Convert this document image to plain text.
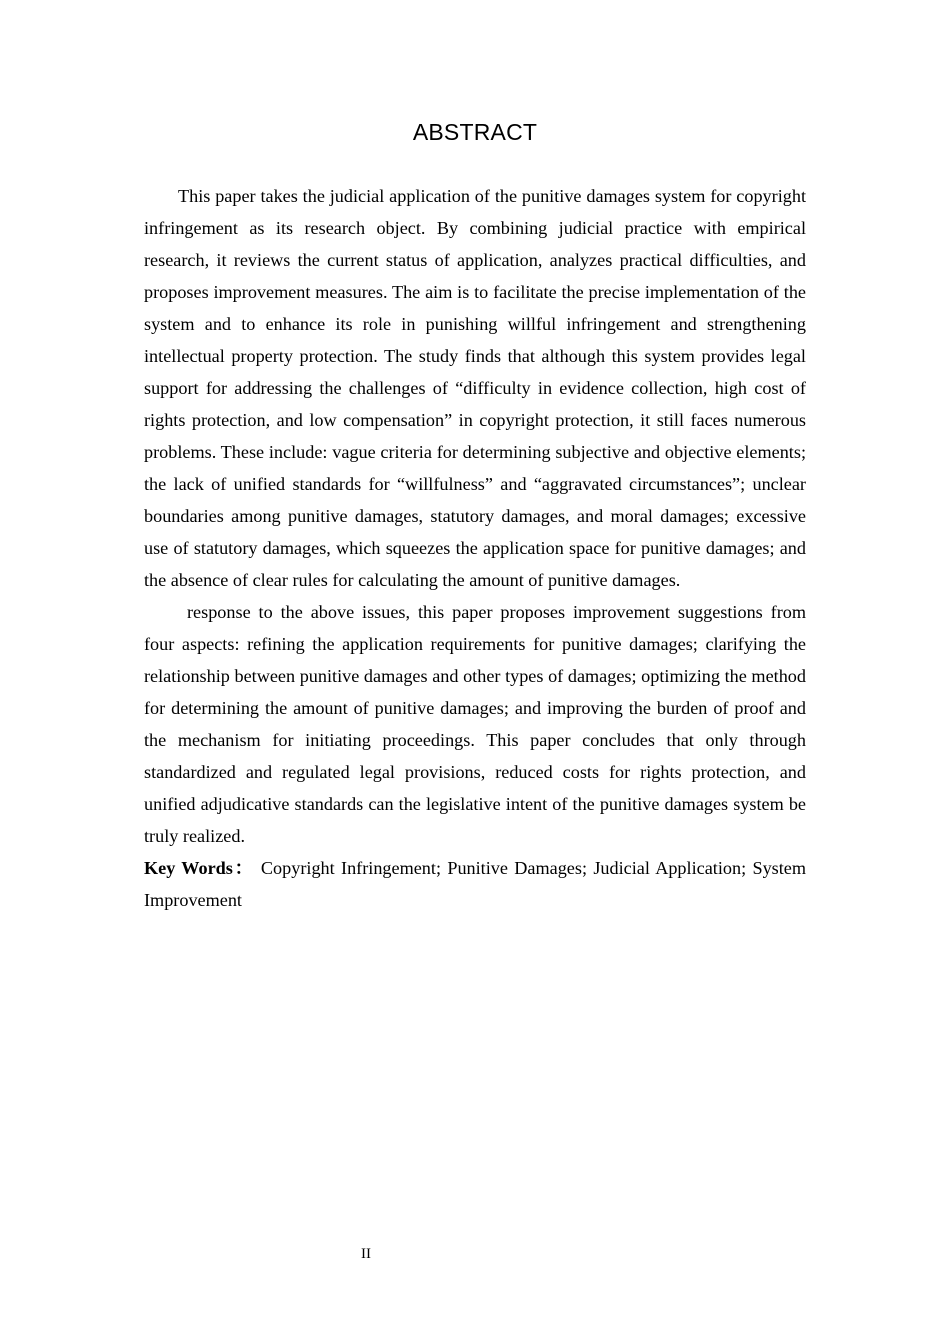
ABSTRACT

This paper takes the judicial application of the punitive damages system for copyright infringement as its research object. By combining judicial practice with empirical research, it reviews the current status of application, analyzes practical difficulties, and proposes improvement measures. The aim is to facilitate the precise implementation of the system and to enhance its role in punishing willful infringement and strengthening intellectual property protection. The study finds that although this system provides legal support for addressing the challenges of “difficulty in evidence collection, high cost of rights protection, and low compensation” in copyright protection, it still faces numerous problems. These include: vague criteria for determining subjective and objective elements; the lack of unified standards for “willfulness” and “aggravated circumstances”; unclear boundaries among punitive damages, statutory damages, and moral damages; excessive use of statutory damages, which squeezes the application space for punitive damages; and the absence of clear rules for calculating the amount of punitive damages.

response to the above issues, this paper proposes improvement suggestions from four aspects: refining the application requirements for punitive damages; clarifying the relationship between punitive damages and other types of damages; optimizing the method for determining the amount of punitive damages; and improving the burden of proof and the mechanism for initiating proceedings. This paper concludes that only through standardized and regulated legal provisions, reduced costs for rights protection, and unified adjudicative standards can the legislative intent of the punitive damages system be truly realized.

Key Words： Copyright Infringement; Punitive Damages; Judicial Application; System Improvement

II
